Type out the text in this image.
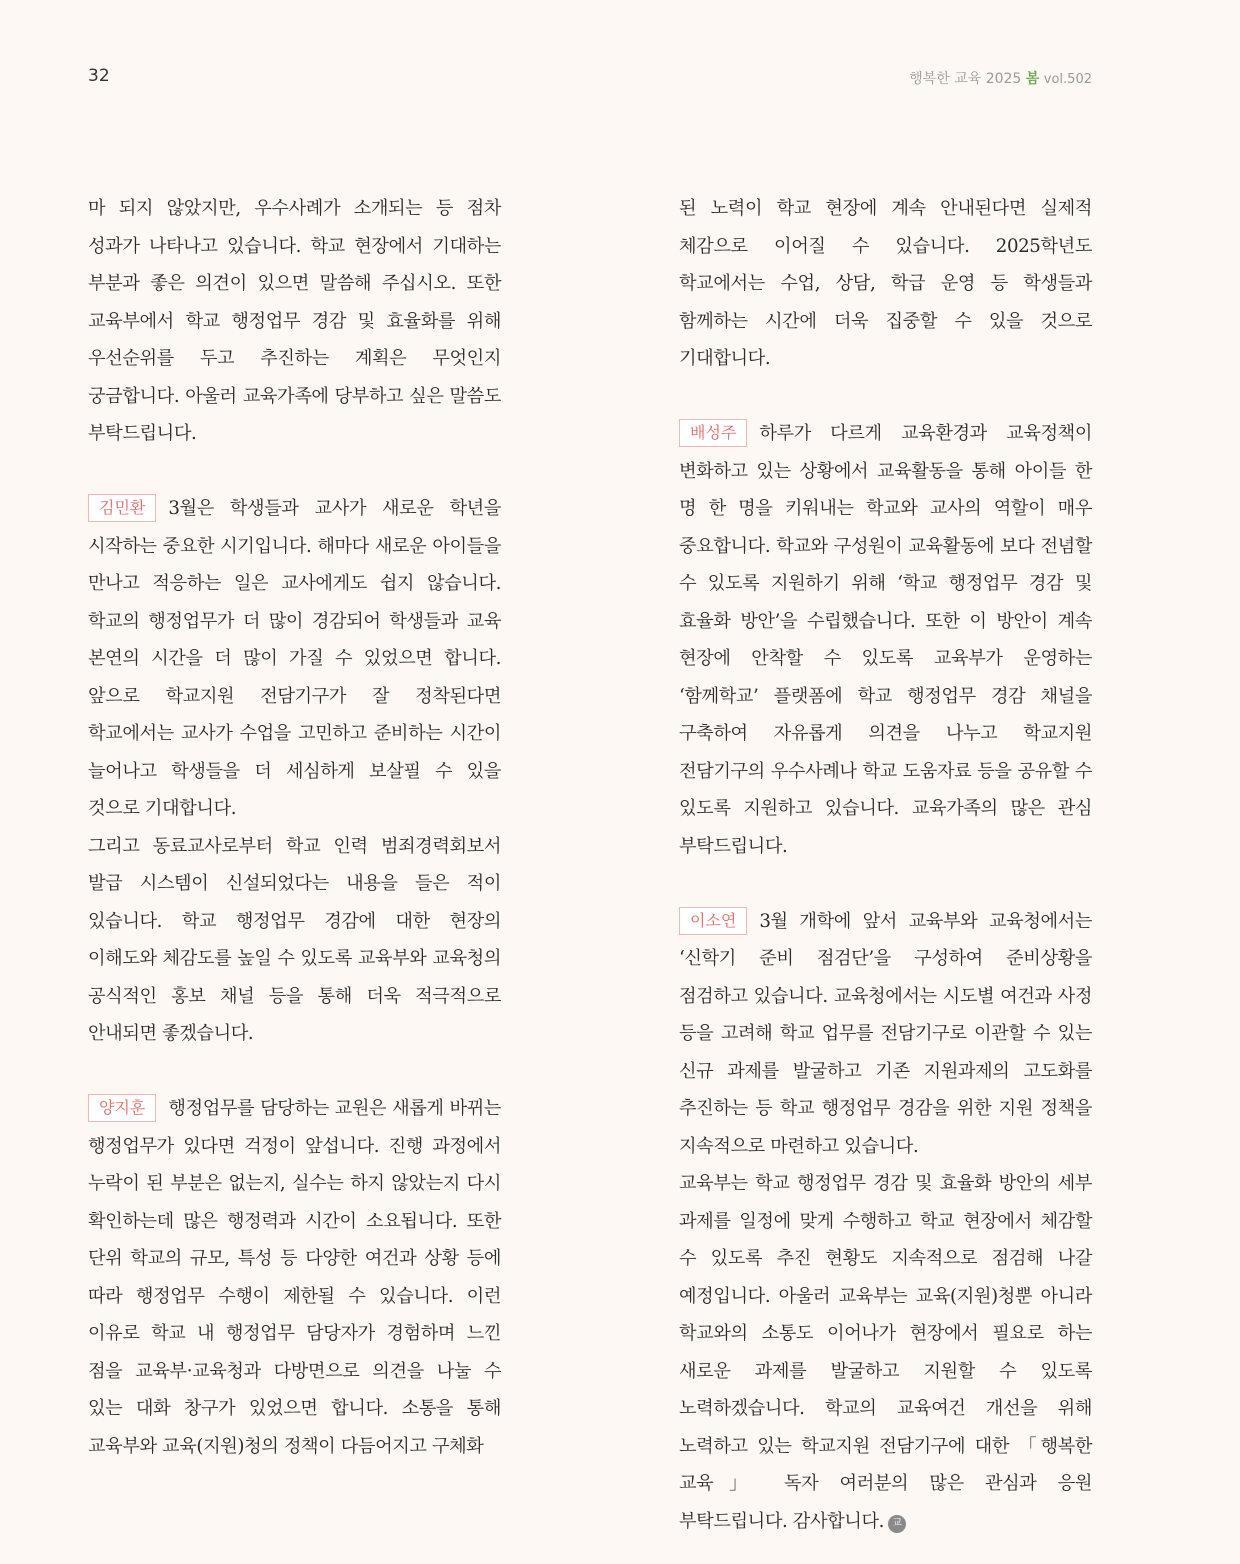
32	행복한 교육 2025 봄 vol.502

마 되지 않았지만, 우수사례가 소개되는 등 점차 성과가 나타나고 있습니다. 학교 현장에서 기대하는 부분과 좋은 의견이 있으면 말씀해 주십시오. 또한 교육부에서 학교 행정업무 경감 및 효율화를 위해 우선순위를 두고 추진하는 계획은 무엇인지 궁금합니다. 아울러 교육가족에 당부하고 싶은 말씀도 부탁드립니다.

김민환 3월은 학생들과 교사가 새로운 학년을 시작하는 중요한 시기입니다. 해마다 새로운 아이들을 만나고 적응하는 일은 교사에게도 쉽지 않습니다. 학교의 행정업무가 더 많이 경감되어 학생들과 교육 본연의 시간을 더 많이 가질 수 있었으면 합니다. 앞으로 학교지원 전담기구가 잘 정착된다면 학교에서는 교사가 수업을 고민하고 준비하는 시간이 늘어나고 학생들을 더 세심하게 보살필 수 있을 것으로 기대합니다.

그리고 동료교사로부터 학교 인력 범죄경력회보서 발급 시스템이 신설되었다는 내용을 들은 적이 있습니다. 학교 행정업무 경감에 대한 현장의 이해도와 체감도를 높일 수 있도록 교육부와 교육청의 공식적인 홍보 채널 등을 통해 더욱 적극적으로 안내되면 좋겠습니다.

양지훈 행정업무를 담당하는 교원은 새롭게 바뀌는 행정업무가 있다면 걱정이 앞섭니다. 진행 과정에서 누락이 된 부분은 없는지, 실수는 하지 않았는지 다시 확인하는데 많은 행정력과 시간이 소요됩니다. 또한 단위 학교의 규모, 특성 등 다양한 여건과 상황 등에 따라 행정업무 수행이 제한될 수 있습니다. 이런 이유로 학교 내 행정업무 담당자가 경험하며 느낀 점을 교육부·교육청과 다방면으로 의견을 나눌 수 있는 대화 창구가 있었으면 합니다. 소통을 통해 교육부와 교육(지원)청의 정책이 다듬어지고 구체화

된 노력이 학교 현장에 계속 안내된다면 실제적 체감으로 이어질 수 있습니다. 2025학년도 학교에서는 수업, 상담, 학급 운영 등 학생들과 함께하는 시간에 더욱 집중할 수 있을 것으로 기대합니다.

배성주 하루가 다르게 교육환경과 교육정책이 변화하고 있는 상황에서 교육활동을 통해 아이들 한 명 한 명을 키워내는 학교와 교사의 역할이 매우 중요합니다. 학교와 구성원이 교육활동에 보다 전념할 수 있도록 지원하기 위해 ‘학교 행정업무 경감 및 효율화 방안’을 수립했습니다. 또한 이 방안이 계속 현장에 안착할 수 있도록 교육부가 운영하는 ‘함께학교’ 플랫폼에 학교 행정업무 경감 채널을 구축하여 자유롭게 의견을 나누고 학교지원 전담기구의 우수사례나 학교 도움자료 등을 공유할 수 있도록 지원하고 있습니다. 교육가족의 많은 관심 부탁드립니다.

이소연 3월 개학에 앞서 교육부와 교육청에서는 ‘신학기 준비 점검단’을 구성하여 준비상황을 점검하고 있습니다. 교육청에서는 시도별 여건과 사정 등을 고려해 학교 업무를 전담기구로 이관할 수 있는 신규 과제를 발굴하고 기존 지원과제의 고도화를 추진하는 등 학교 행정업무 경감을 위한 지원 정책을 지속적으로 마련하고 있습니다.

교육부는 학교 행정업무 경감 및 효율화 방안의 세부 과제를 일정에 맞게 수행하고 학교 현장에서 체감할 수 있도록 추진 현황도 지속적으로 점검해 나갈 예정입니다. 아울러 교육부는 교육(지원)청뿐 아니라 학교와의 소통도 이어나가 현장에서 필요로 하는 새로운 과제를 발굴하고 지원할 수 있도록 노력하겠습니다. 학교의 교육여건 개선을 위해 노력하고 있는 학교지원 전담기구에 대한 「행복한 교육」 독자 여러분의 많은 관심과 응원 부탁드립니다. 감사합니다. 교
